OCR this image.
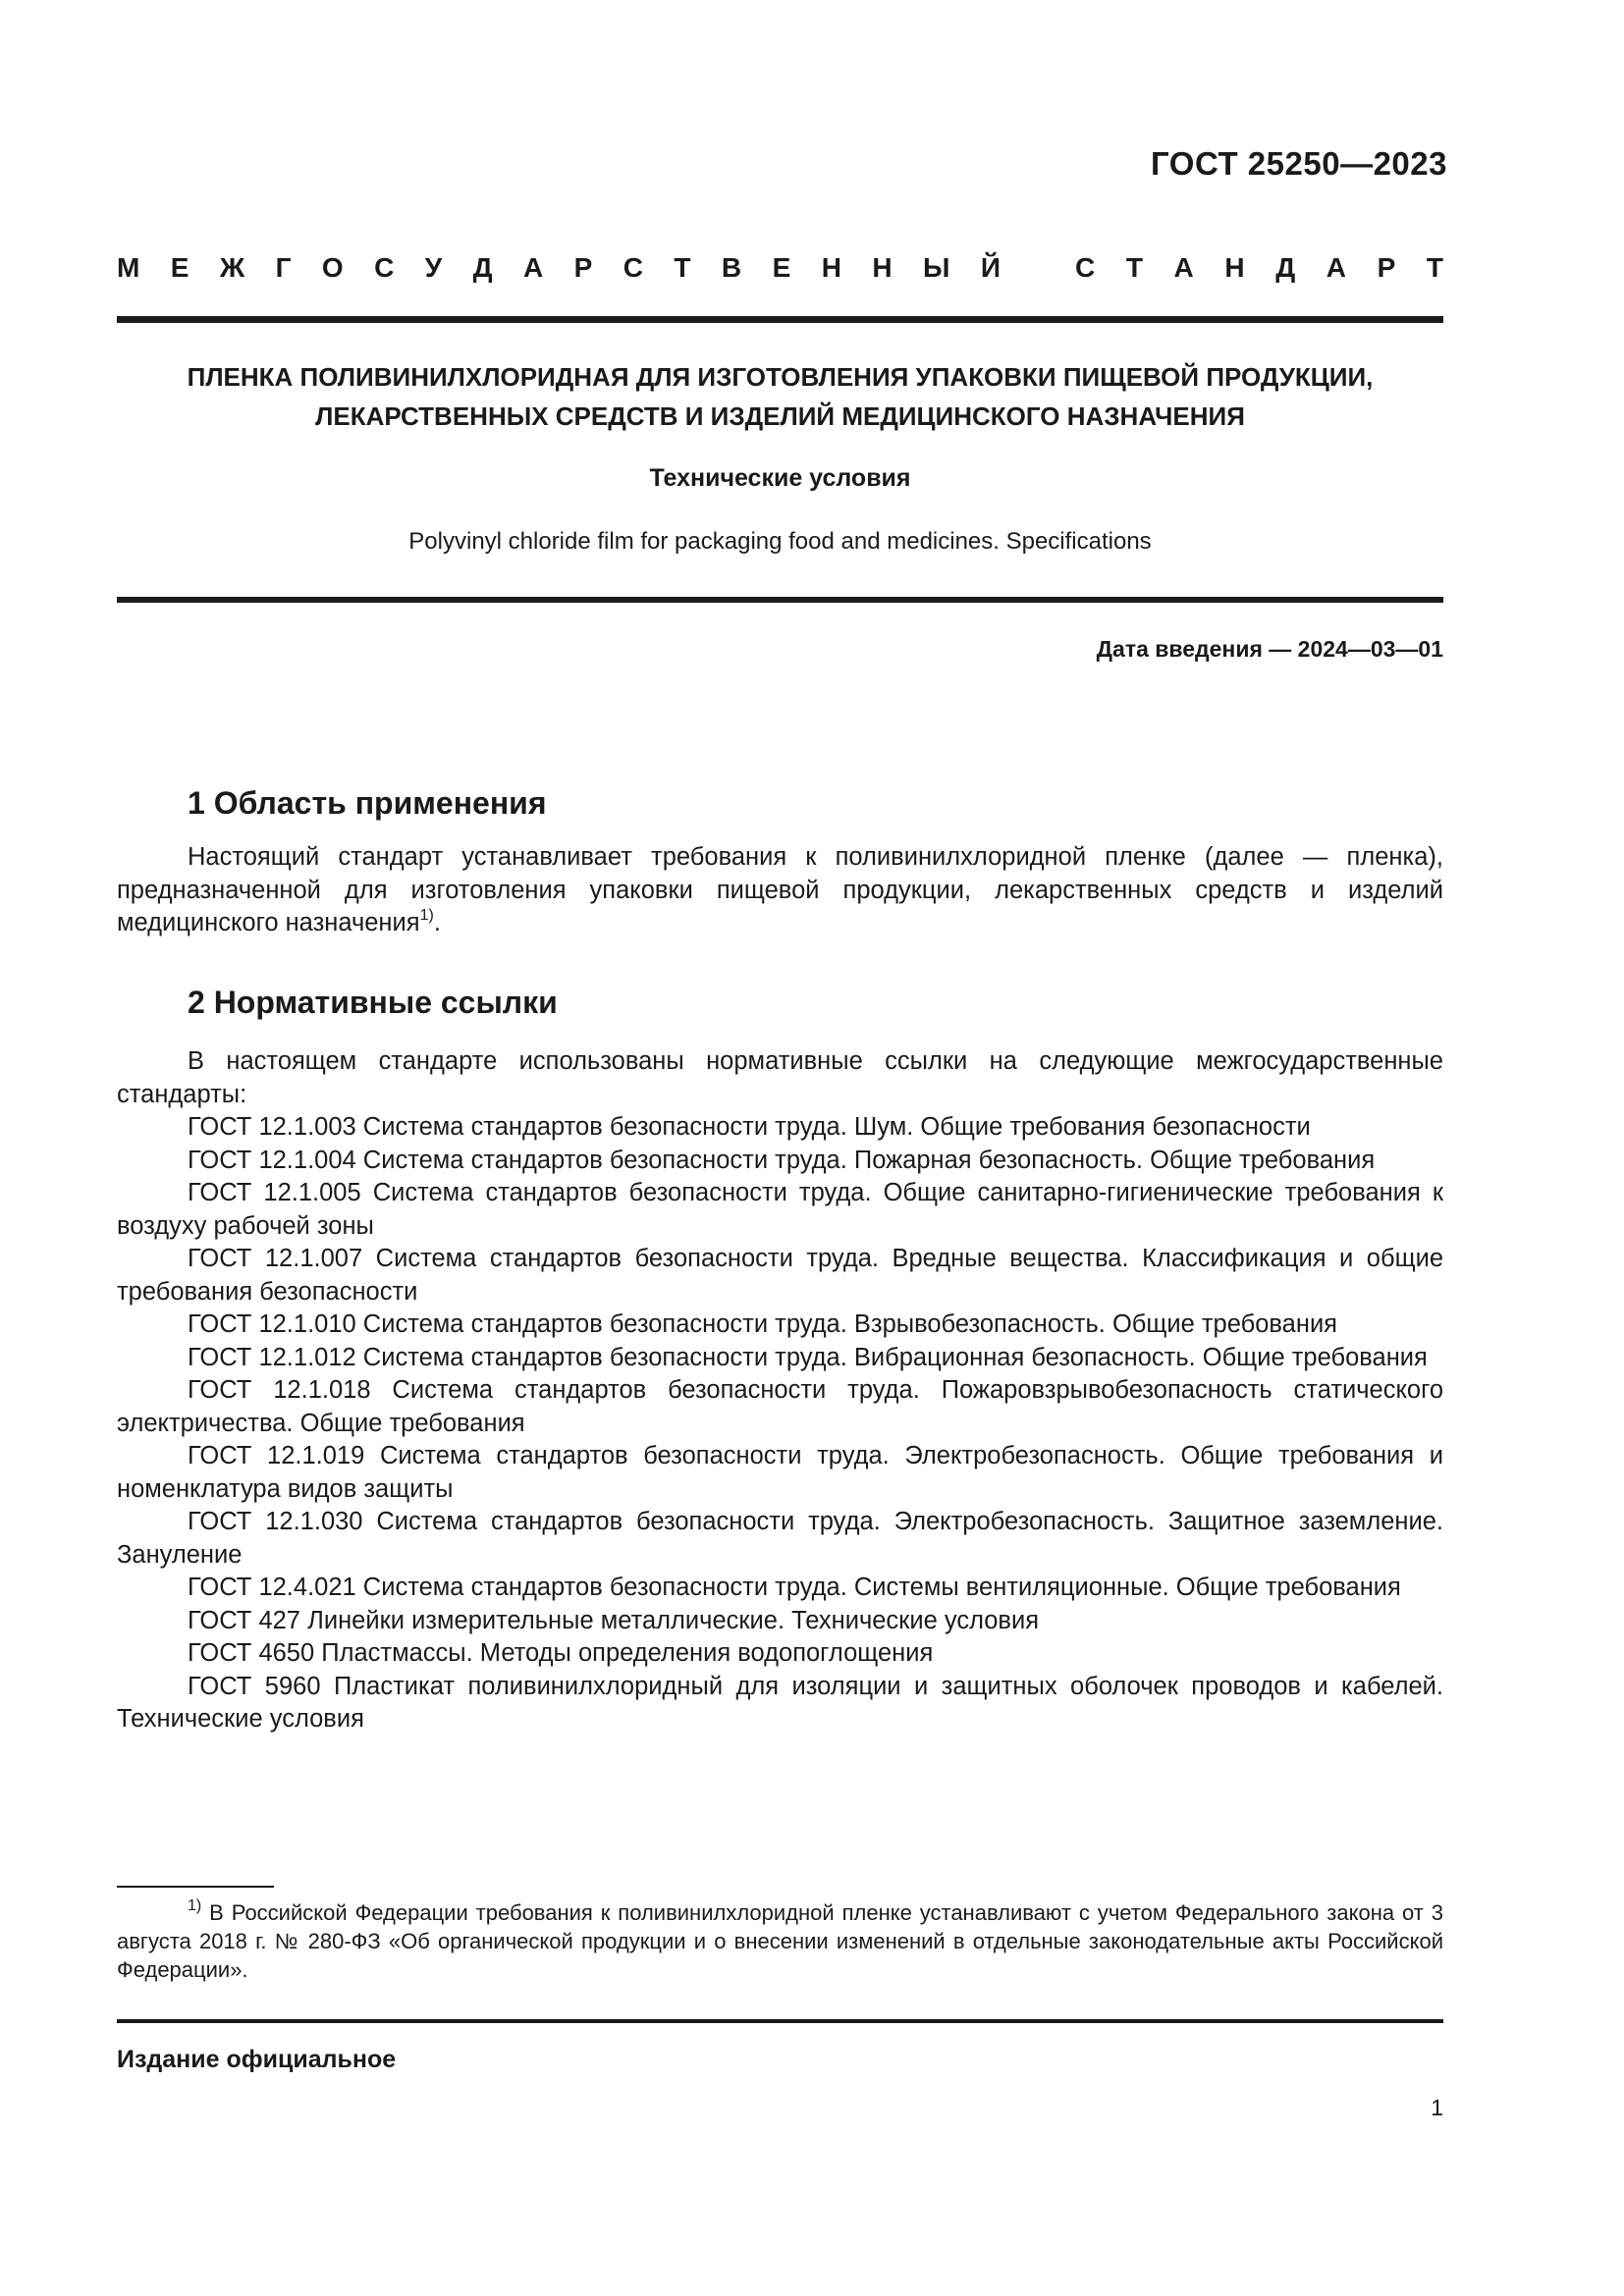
ГОСТ 25250—2023
М Е Ж Г О С У Д А Р С Т В Е Н Н Ы Й	С Т А Н Д А Р Т
ПЛЕНКА ПОЛИВИНИЛХЛОРИДНАЯ ДЛЯ ИЗГОТОВЛЕНИЯ УПАКОВКИ ПИЩЕВОЙ ПРОДУКЦИИ,
ЛЕКАРСТВЕННЫХ СРЕДСТВ И ИЗДЕЛИЙ МЕДИЦИНСКОГО НАЗНАЧЕНИЯ
Технические условия
Polyvinyl chloride film for packaging food and medicines. Specifications
Дата введения — 2024—03—01
1 Область применения

Настоящий стандарт устанавливает требования к поливинилхлоридной пленке (далее — пленка), предназначенной для изготовления упаковки пищевой продукции, лекарственных средств и изделий медицинского назначения$^{1)}$.

2 Нормативные ссылки

В настоящем стандарте использованы нормативные ссылки на следующие межгосударственные стандарты:

ГОСТ 12.1.003 Система стандартов безопасности труда. Шум. Общие требования безопасности

ГОСТ 12.1.004 Система стандартов безопасности труда. Пожарная безопасность. Общие требования

ГОСТ 12.1.005 Система стандартов безопасности труда. Общие санитарно-гигиенические требования к воздуху рабочей зоны

ГОСТ 12.1.007 Система стандартов безопасности труда. Вредные вещества. Классификация и общие требования безопасности

ГОСТ 12.1.010 Система стандартов безопасности труда. Взрывобезопасность. Общие требования

ГОСТ 12.1.012 Система стандартов безопасности труда. Вибрационная безопасность. Общие требования

ГОСТ 12.1.018 Система стандартов безопасности труда. Пожаровзрывобезопасность статического электричества. Общие требования

ГОСТ 12.1.019 Система стандартов безопасности труда. Электробезопасность. Общие требования и номенклатура видов защиты

ГОСТ 12.1.030 Система стандартов безопасности труда. Электробезопасность. Защитное заземление. Зануление

ГОСТ 12.4.021 Система стандартов безопасности труда. Системы вентиляционные. Общие требования

ГОСТ 427 Линейки измерительные металлические. Технические условия

ГОСТ 4650 Пластмассы. Методы определения водопоглощения

ГОСТ 5960 Пластикат поливинилхлоридный для изоляции и защитных оболочек проводов и кабелей. Технические условия

$^{1)}$ В Российской Федерации требования к поливинилхлоридной пленке устанавливают с учетом Федерального закона от 3 августа 2018 г. № 280-ФЗ «Об органической продукции и о внесении изменений в отдельные законодательные акты Российской Федерации».

Издание официальное
1
